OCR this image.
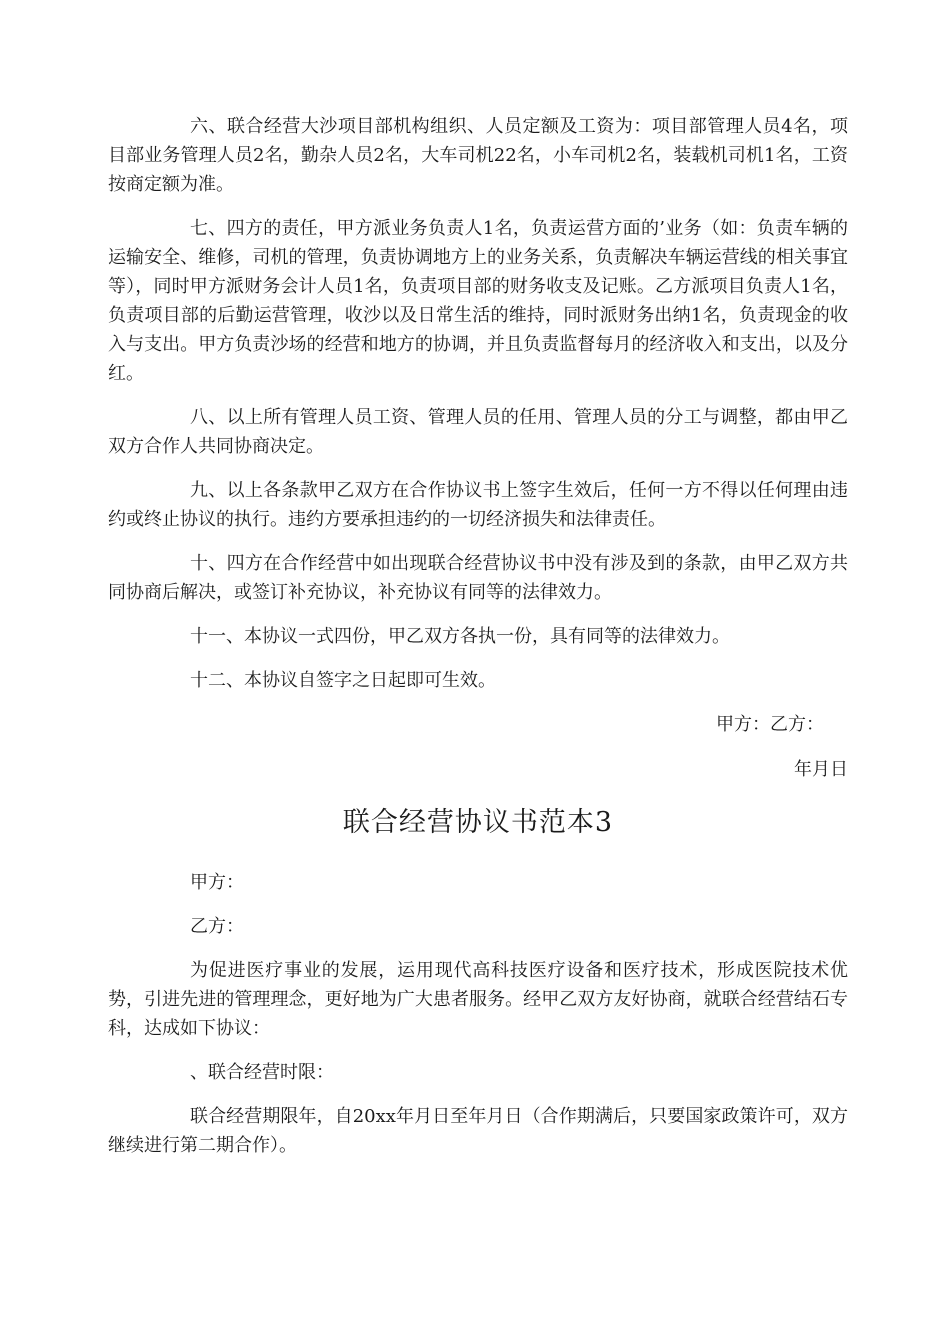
六、联合经营大沙项目部机构组织、人员定额及工资为：项目部管理人员4名，项目部业务管理人员2名，勤杂人员2名，大车司机22名，小车司机2名，装载机司机1名，工资按商定额为准。

七、四方的责任，甲方派业务负责人1名，负责运营方面的’业务（如：负责车辆的运输安全、维修，司机的管理，负责协调地方上的业务关系，负责解决车辆运营线的相关事宜等），同时甲方派财务会计人员1名，负责项目部的财务收支及记账。乙方派项目负责人1名，负责项目部的后勤运营管理，收沙以及日常生活的维持，同时派财务出纳1名，负责现金的收入与支出。甲方负责沙场的经营和地方的协调，并且负责监督每月的经济收入和支出，以及分红。

八、以上所有管理人员工资、管理人员的任用、管理人员的分工与调整，都由甲乙双方合作人共同协商决定。

九、以上各条款甲乙双方在合作协议书上签字生效后，任何一方不得以任何理由违约或终止协议的执行。违约方要承担违约的一切经济损失和法律责任。

十、四方在合作经营中如出现联合经营协议书中没有涉及到的条款，由甲乙双方共同协商后解决，或签订补充协议，补充协议有同等的法律效力。

十一、本协议一式四份，甲乙双方各执一份，具有同等的法律效力。

十二、本协议自签字之日起即可生效。

甲方：乙方：

年月日

联合经营协议书范本3

甲方：

乙方：

为促进医疗事业的发展，运用现代高科技医疗设备和医疗技术，形成医院技术优势，引进先进的管理理念，更好地为广大患者服务。经甲乙双方友好协商，就联合经营结石专科，达成如下协议：

、联合经营时限：

联合经营期限年，自20xx年月日至年月日（合作期满后，只要国家政策许可，双方继续进行第二期合作）。
